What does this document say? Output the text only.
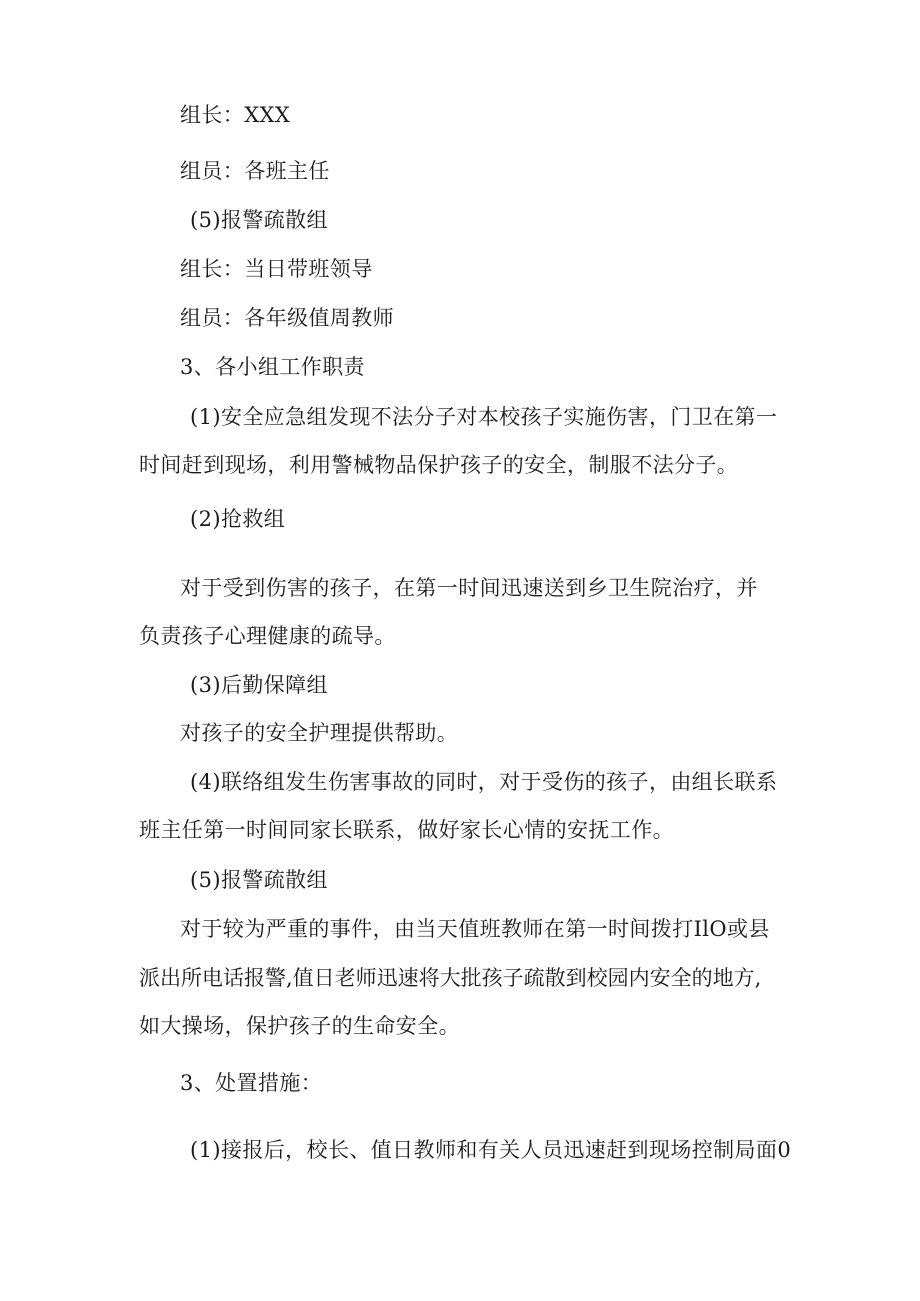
组长：XXX
组员：各班主任
(5)报警疏散组
组长：当日带班领导
组员：各年级值周教师
3、各小组工作职责
(1)安全应急组发现不法分子对本校孩子实施伤害，门卫在第一
时间赶到现场，利用警械物品保护孩子的安全，制服不法分子。
(2)抢救组
对于受到伤害的孩子，在第一时间迅速送到乡卫生院治疗，并
负责孩子心理健康的疏导。
(3)后勤保障组
对孩子的安全护理提供帮助。
(4)联络组发生伤害事故的同时，对于受伤的孩子，由组长联系
班主任第一时间同家长联系，做好家长心情的安抚工作。
(5)报警疏散组
对于较为严重的事件，由当天值班教师在第一时间拨打IlO或县
派出所电话报警,值日老师迅速将大批孩子疏散到校园内安全的地方,
如大操场，保护孩子的生命安全。
3、处置措施：
(1)接报后，校长、值日教师和有关人员迅速赶到现场控制局面0
